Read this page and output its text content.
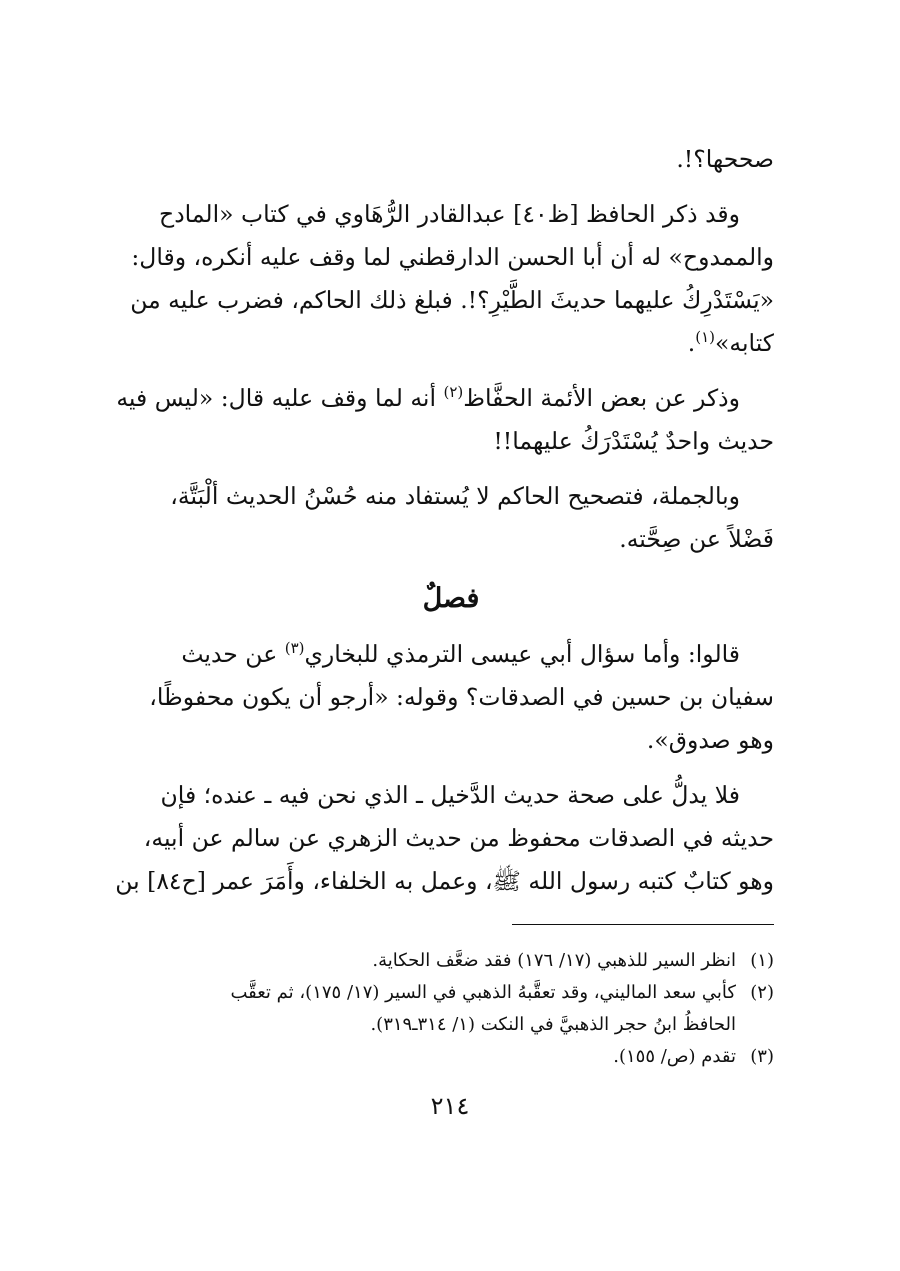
صححها؟!.

وقد ذكر الحافظ [ظ٤٠] عبدالقادر الرُّهَاوي في كتاب «المادح
والممدوح» له أن أبا الحسن الدارقطني لما وقف عليه أنكره، وقال:
«يَسْتَدْرِكُ عليهما حديثَ الطَّيْرِ؟!. فبلغ ذلك الحاكم، فضرب عليه من
كتابه»$^{(١)}$.

وذكر عن بعض الأئمة الحفَّاظ$^{(٢)}$ أنه لما وقف عليه قال: «ليس فيه
حديث واحدٌ يُسْتَدْرَكُ عليهما!!

وبالجملة، فتصحيح الحاكم لا يُستفاد منه حُسْنُ الحديث ألْبَتَّة،
فَضْلاً عن صِحَّته.

فصلٌ

قالوا: وأما سؤال أبي عيسى الترمذي للبخاري$^{(٣)}$ عن حديث
سفيان بن حسين في الصدقات؟ وقوله: «أرجو أن يكون محفوظًا،
وهو صدوق».

فلا يدلُّ على صحة حديث الدَّخيل ـ الذي نحن فيه ـ عنده؛ فإن
حديثه في الصدقات محفوظ من حديث الزهري عن سالم عن أبيه،
وهو كتابٌ كتبه رسول الله ﷺ، وعمل به الخلفاء، وأَمَرَ عمر [ح٨٤] بن

(١)
انظر السير للذهبي (١٧/ ١٧٦) فقد ضعَّف الحكاية.
(٢)
كأبي سعد الماليني، وقد تعقَّبهُ الذهبي في السير (١٧/ ١٧٥)، ثم تعقَّب
الحافظُ ابنُ حجر الذهبيَّ في النكت (١/ ٣١٤ـ٣١٩).
(٣)
تقدم (ص/ ١٥٥).
٢١٤
